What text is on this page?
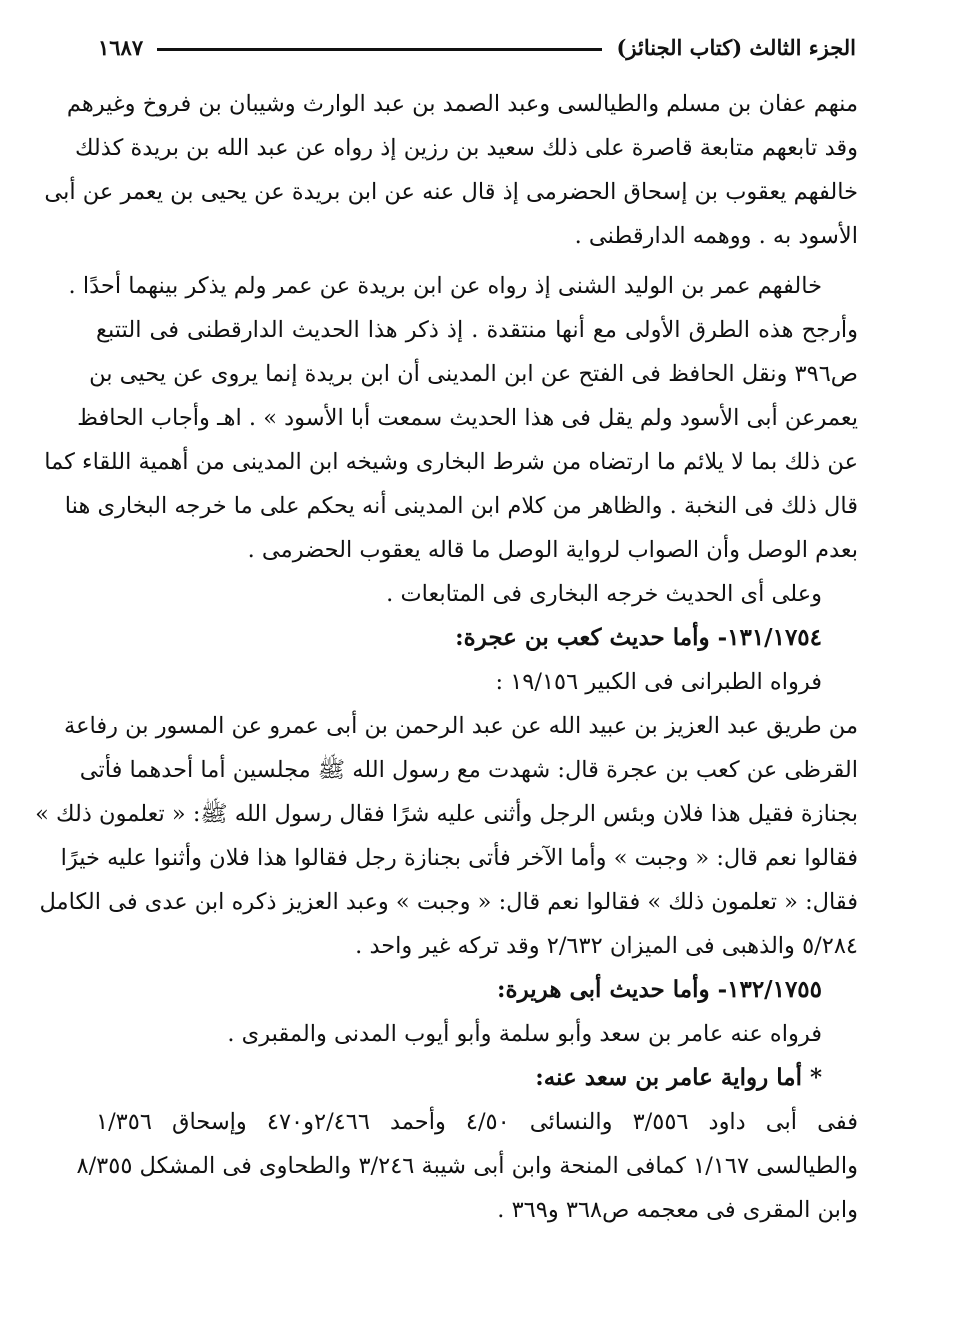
الجزء الثالث (كتاب الجنائز)
١٦٨٧
منهم عفان بن مسلم والطيالسى وعبد الصمد بن عبد الوارث وشيبان بن فروخ وغيرهم
وقد تابعهم متابعة قاصرة على ذلك سعيد بن رزين إذ رواه عن عبد الله بن بريدة كذلك
خالفهم يعقوب بن إسحاق الحضرمى إذ قال عنه عن ابن بريدة عن يحيى بن يعمر عن أبى
الأسود به . ووهمه الدارقطنى .
خالفهم عمر بن الوليد الشنى إذ رواه عن ابن بريدة عن عمر ولم يذكر بينهما أحدًا .
وأرجح هذه الطرق الأولى مع أنها منتقدة . إذ ذكر هذا الحديث الدارقطنى فى التتبع
ص٣٩٦ ونقل الحافظ فى الفتح عن ابن المدينى أن ابن بريدة إنما يروى عن يحيى بن
يعمرعن أبى الأسود ولم يقل فى هذا الحديث سمعت أبا الأسود » . اهـ وأجاب الحافظ
عن ذلك بما لا يلائم ما ارتضاه من شرط البخارى وشيخه ابن المدينى من أهمية اللقاء كما
قال ذلك فى النخبة . والظاهر من كلام ابن المدينى أنه يحكم على ما خرجه البخارى هنا
بعدم الوصل وأن الصواب لرواية الوصل ما قاله يعقوب الحضرمى .
وعلى أى الحديث خرجه البخارى فى المتابعات .
١٣١/١٧٥٤- وأما حديث كعب بن عجرة:
فرواه الطبرانى فى الكبير ١٩/١٥٦ :
من طريق عبد العزيز بن عبيد الله عن عبد الرحمن بن أبى عمرو عن المسور بن رفاعة
القرظى عن كعب بن عجرة قال: شهدت مع رسول الله ﷺ مجلسين أما أحدهما فأتى
بجنازة فقيل هذا فلان وبئس الرجل وأثنى عليه شرًا فقال رسول الله ﷺ: « تعلمون ذلك »
فقالوا نعم قال: « وجبت » وأما الآخر فأتى بجنازة رجل فقالوا هذا فلان وأثنوا عليه خيرًا
فقال: « تعلمون ذلك » فقالوا نعم قال: « وجبت » وعبد العزيز ذكره ابن عدى فى الكامل
٥/٢٨٤ والذهبى فى الميزان ٢/٦٣٢ وقد تركه غير واحد .
١٣٢/١٧٥٥- وأما حديث أبى هريرة:
فرواه عنه عامر بن سعد وأبو سلمة وأبو أيوب المدنى والمقبرى .
* أما رواية عامر بن سعد عنه:
ففى أبى داود ٣/٥٥٦ والنسائى ٤/٥٠ وأحمد ٢/٤٦٦و٤٧٠ وإسحاق ١/٣٥٦
والطيالسى ١/١٦٧ كمافى المنحة وابن أبى شيبة ٣/٢٤٦ والطحاوى فى المشكل ٨/٣٥٥
وابن المقرى فى معجمه ص٣٦٨ و٣٦٩ .
